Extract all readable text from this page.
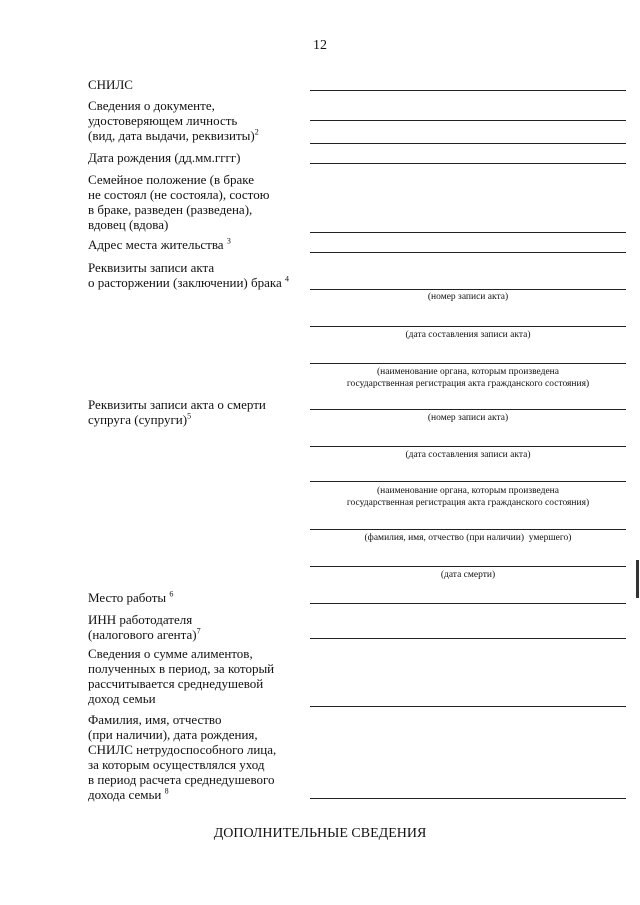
12
СНИЛС
Сведения о документе,
удостоверяющем личность
(вид, дата выдачи, реквизиты)$^2$
Дата рождения (дд.мм.гггг)
Семейное положение (в браке
не состоял (не состояла), состою
в браке, разведен (разведена),
вдовец (вдова)
Адрес места жительства $^3$
Реквизиты записи акта
о расторжении (заключении) брака $^4$
(номер записи акта)
(дата составления записи акта)
(наименование органа, которым произведена
государственная регистрация акта гражданского состояния)
Реквизиты записи акта о смерти
супруга (супруги)$^5$	(номер записи акта)
(дата составления записи акта)
(наименование органа, которым произведена
государственная регистрация акта гражданского состояния)
(фамилия, имя, отчество (при наличии)  умершего)
(дата смерти)
Место работы $^6$
ИНН работодателя
(налогового агента)$^7$
Сведения о сумме алиментов,
полученных в период, за который
рассчитывается среднедушевой
доход семьи
Фамилия, имя, отчество
(при наличии), дата рождения,
СНИЛС нетрудоспособного лица,
за которым осуществлялся уход
в период расчета среднедушевого
дохода семьи $^8$
ДОПОЛНИТЕЛЬНЫЕ СВЕДЕНИЯ
